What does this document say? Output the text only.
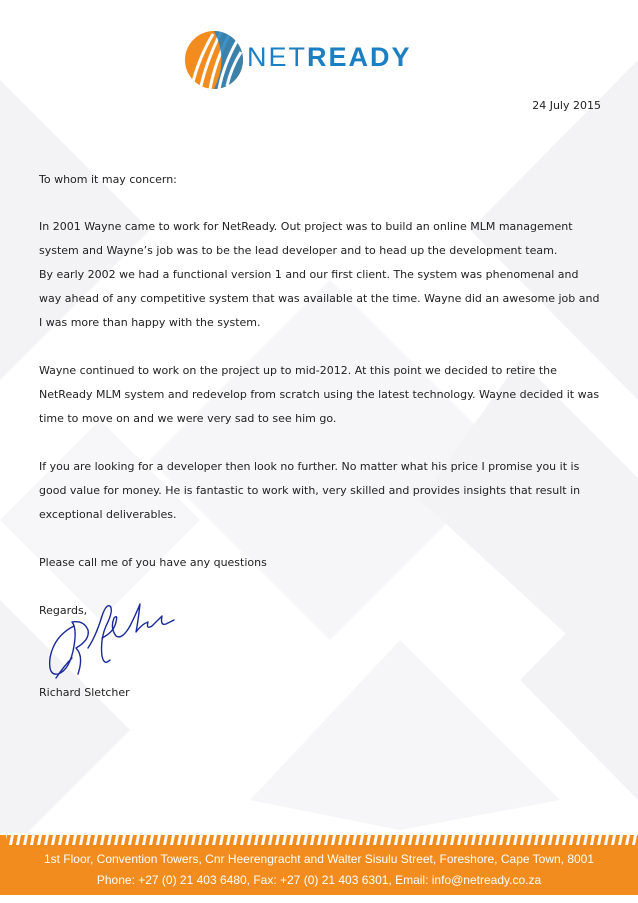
NETREADY
24 July 2015

To whom it may concern:

In 2001 Wayne came to work for NetReady. Out project was to build an online MLM management

system and Wayne’s job was to be the lead developer and to head up the development team.

By early 2002 we had a functional version 1 and our first client. The system was phenomenal and

way ahead of any competitive system that was available at the time. Wayne did an awesome job and

I was more than happy with the system.

Wayne continued to work on the project up to mid-2012. At this point we decided to retire the

NetReady MLM system and redevelop from scratch using the latest technology. Wayne decided it was

time to move on and we were very sad to see him go.

If you are looking for a developer then look no further. No matter what his price I promise you it is

good value for money. He is fantastic to work with, very skilled and provides insights that result in

exceptional deliverables.

Please call me of you have any questions

Regards,

Richard Sletcher
1st Floor, Convention Towers, Cnr Heerengracht and Walter Sisulu Street, Foreshore, Cape Town, 8001
Phone: +27 (0) 21 403 6480, Fax: +27 (0) 21 403 6301, Email: info@netready.co.za
